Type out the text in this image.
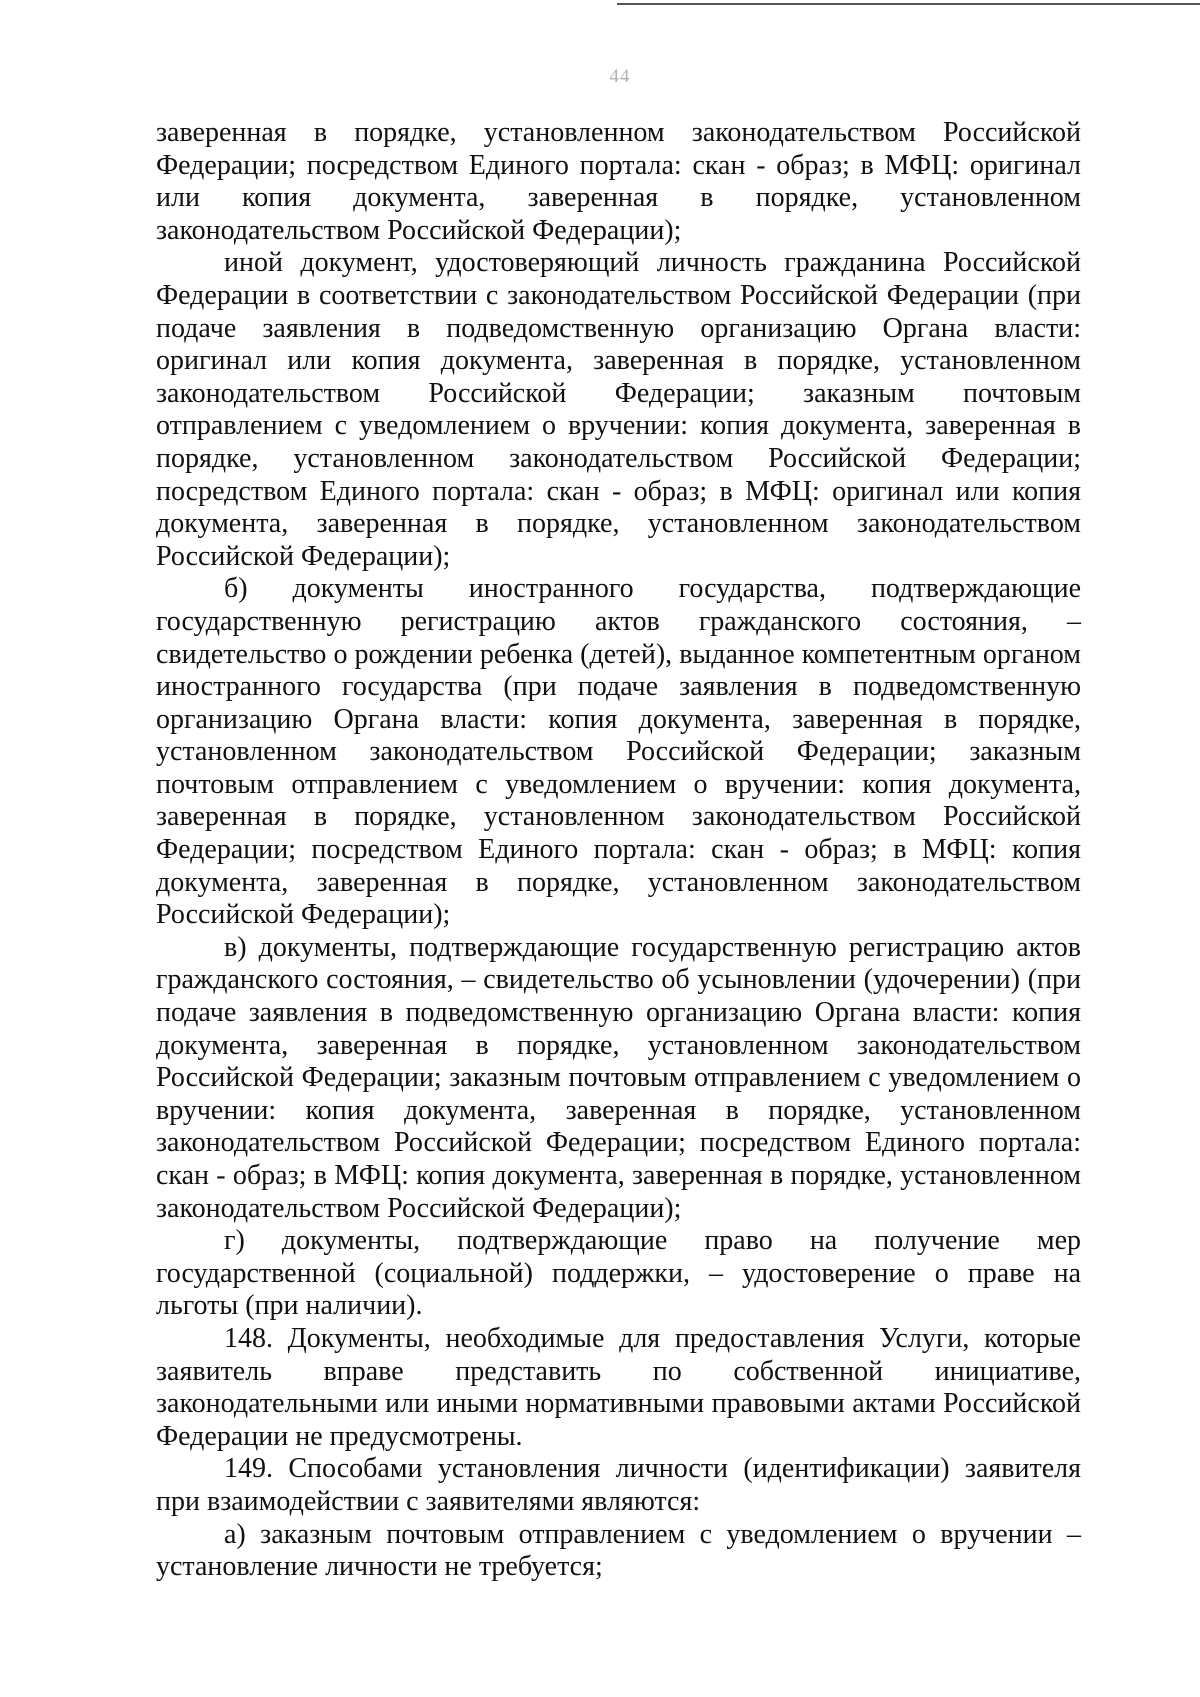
44

заверенная в порядке, установленном законодательством Российской Федерации; посредством Единого портала: скан - образ; в МФЦ: оригинал или копия документа, заверенная в порядке, установленном законодательством Российской Федерации);

иной документ, удостоверяющий личность гражданина Российской Федерации в соответствии с законодательством Российской Федерации (при подаче заявления в подведомственную организацию Органа власти: оригинал или копия документа, заверенная в порядке, установленном законодательством Российской Федерации; заказным почтовым отправлением с уведомлением о вручении: копия документа, заверенная в порядке, установленном законодательством Российской Федерации; посредством Единого портала: скан - образ; в МФЦ: оригинал или копия документа, заверенная в порядке, установленном законодательством Российской Федерации);

б) документы иностранного государства, подтверждающие государственную регистрацию актов гражданского состояния, – свидетельство о рождении ребенка (детей), выданное компетентным органом иностранного государства (при подаче заявления в подведомственную организацию Органа власти: копия документа, заверенная в порядке, установленном законодательством Российской Федерации; заказным почтовым отправлением с уведомлением о вручении: копия документа, заверенная в порядке, установленном законодательством Российской Федерации; посредством Единого портала: скан - образ; в МФЦ: копия документа, заверенная в порядке, установленном законодательством Российской Федерации);

в) документы, подтверждающие государственную регистрацию актов гражданского состояния, – свидетельство об усыновлении (удочерении) (при подаче заявления в подведомственную организацию Органа власти: копия документа, заверенная в порядке, установленном законодательством Российской Федерации; заказным почтовым отправлением с уведомлением о вручении: копия документа, заверенная в порядке, установленном законодательством Российской Федерации; посредством Единого портала: скан - образ; в МФЦ: копия документа, заверенная в порядке, установленном законодательством Российской Федерации);

г) документы, подтверждающие право на получение мер государственной (социальной) поддержки, – удостоверение о праве на льготы (при наличии).

148. Документы, необходимые для предоставления Услуги, которые заявитель вправе представить по собственной инициативе, законодательными или иными нормативными правовыми актами Российской Федерации не предусмотрены.

149. Способами установления личности (идентификации) заявителя при взаимодействии с заявителями являются:

а) заказным почтовым отправлением с уведомлением о вручении – установление личности не требуется;
